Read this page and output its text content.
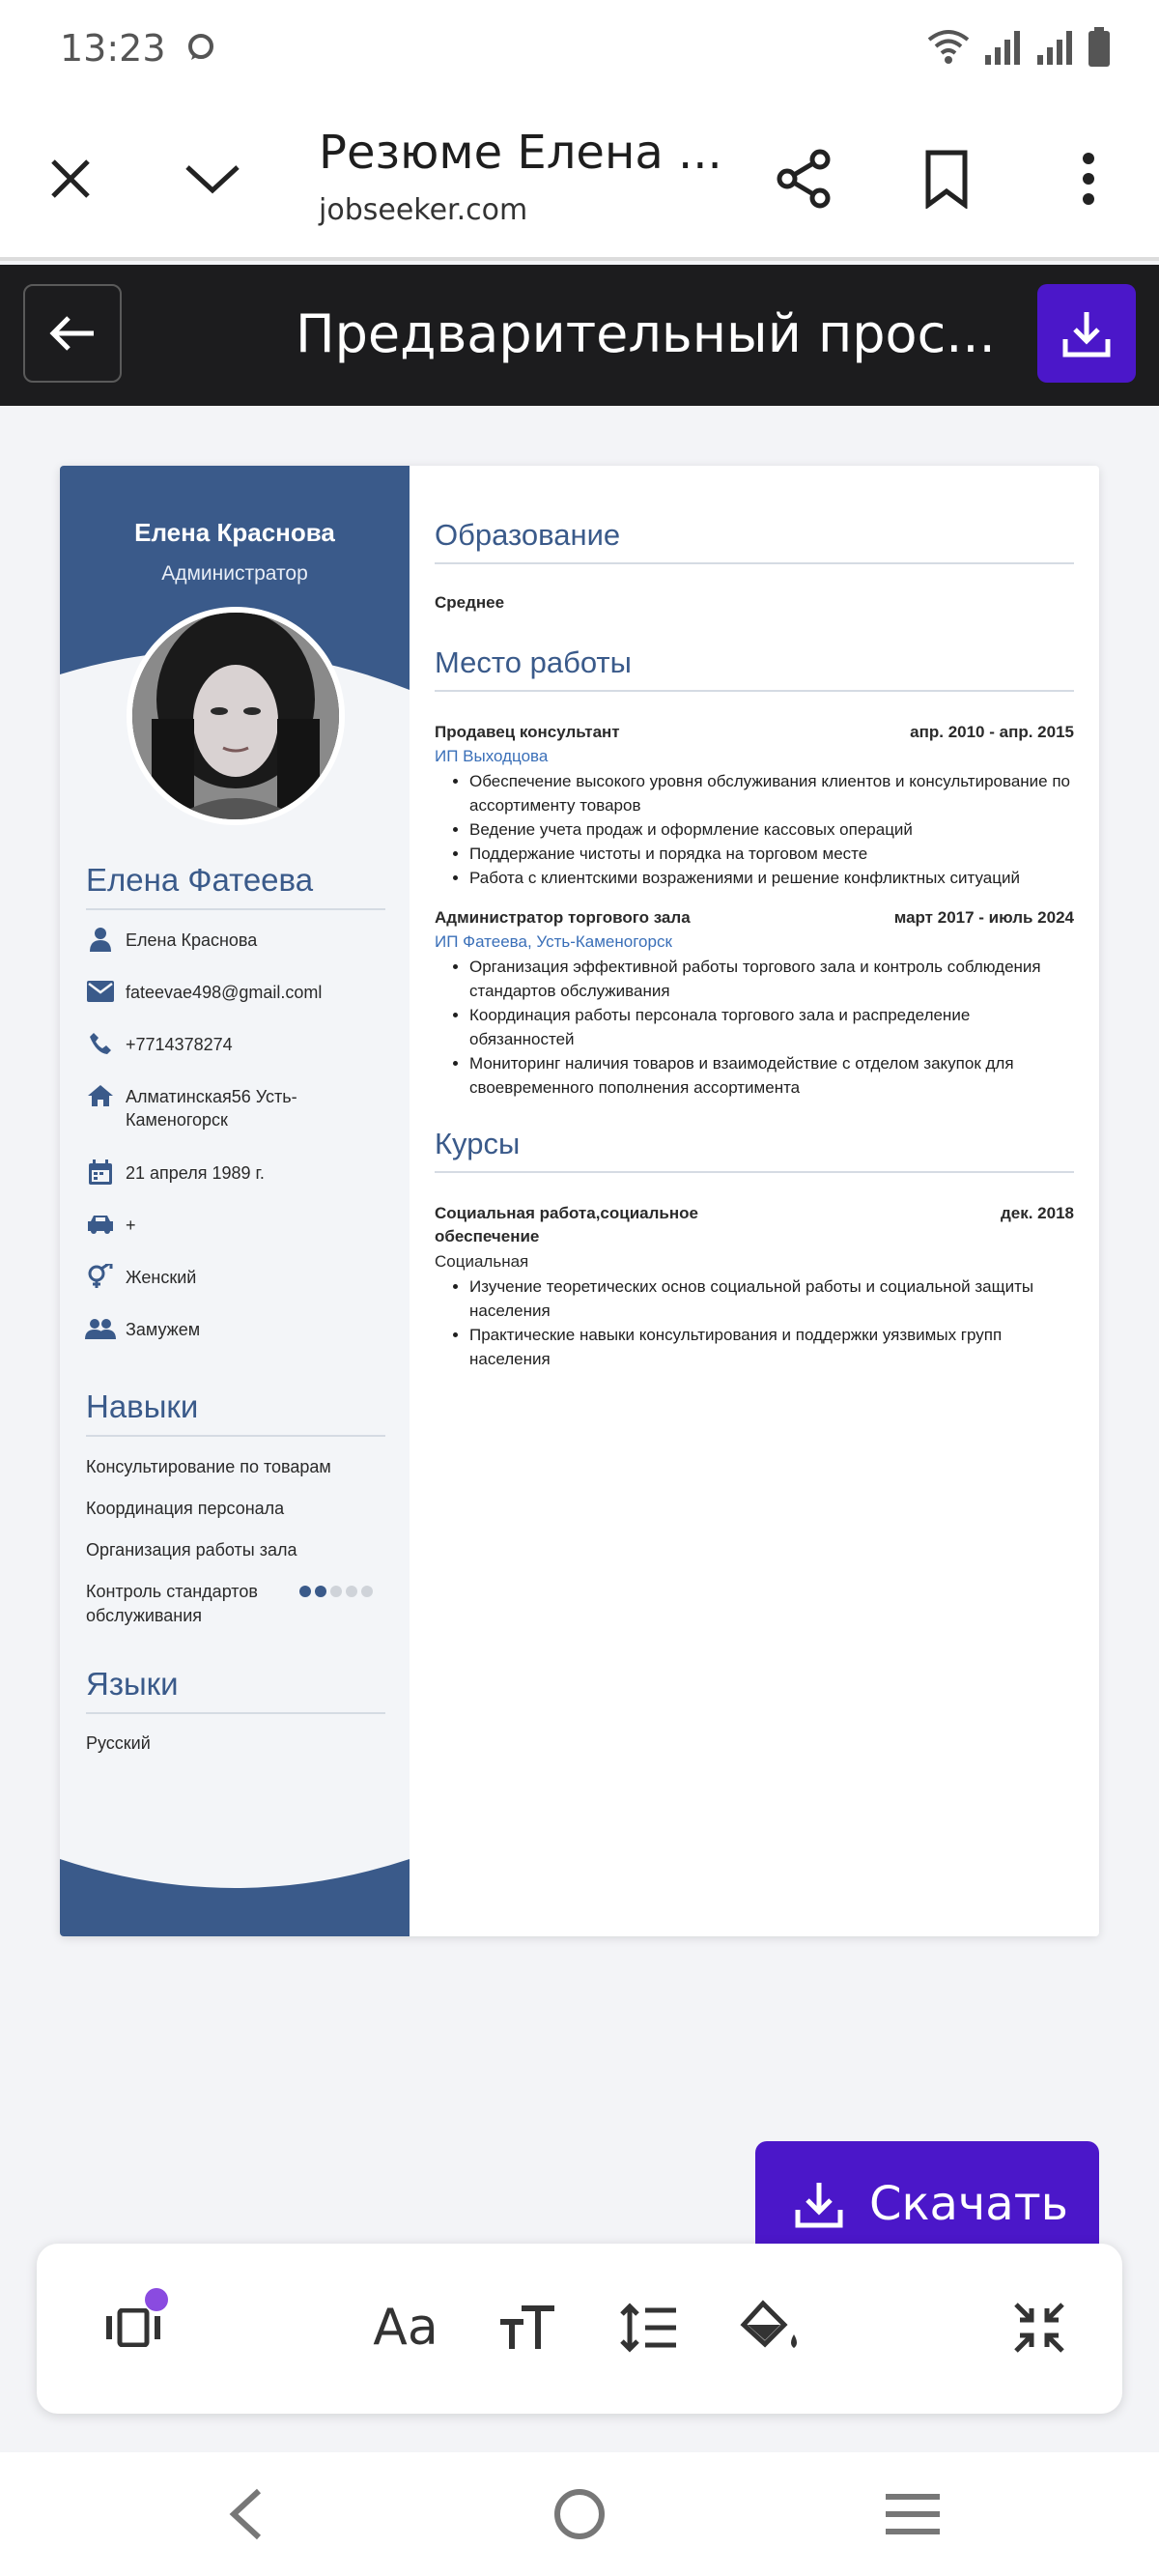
13:23
Резюме Елена ...
jobseeker.com
Предварительный прос...
Елена Краснова
Администратор
Елена Фатеева
Елена Краснова
fateevae498@gmail.coml
+7714378274
Алматинская56 Усть-Каменогорск
21 апреля 1989 г.
+
Женский
Замужем
Навыки
Консультирование по товарам
Координация персонала
Организация работы зала
Контроль стандартов обслуживания
Языки
Русский
Образование
Среднее
Место работы
Продавец консультант	апр. 2010 - апр. 2015
ИП Выходцова
• Обеспечение высокого уровня обслуживания клиентов и консультирование по ассортименту товаров
• Ведение учета продаж и оформление кассовых операций
• Поддержание чистоты и порядка на торговом месте
• Работа с клиентскими возражениями и решение конфликтных ситуаций
Администратор торгового зала	март 2017 - июль 2024
ИП Фатеева, Усть-Каменогорск
• Организация эффективной работы торгового зала и контроль соблюдения стандартов обслуживания
• Координация работы персонала торгового зала и распределение обязанностей
• Мониторинг наличия товаров и взаимодействие с отделом закупок для своевременного пополнения ассортимента
Курсы
Социальная работа,социальное обеспечение
дек. 2018
Социальная
• Изучение теоретических основ социальной работы и социальной защиты населения
• Практические навыки консультирования и поддержки уязвимых групп населения
Скачать
Aa
